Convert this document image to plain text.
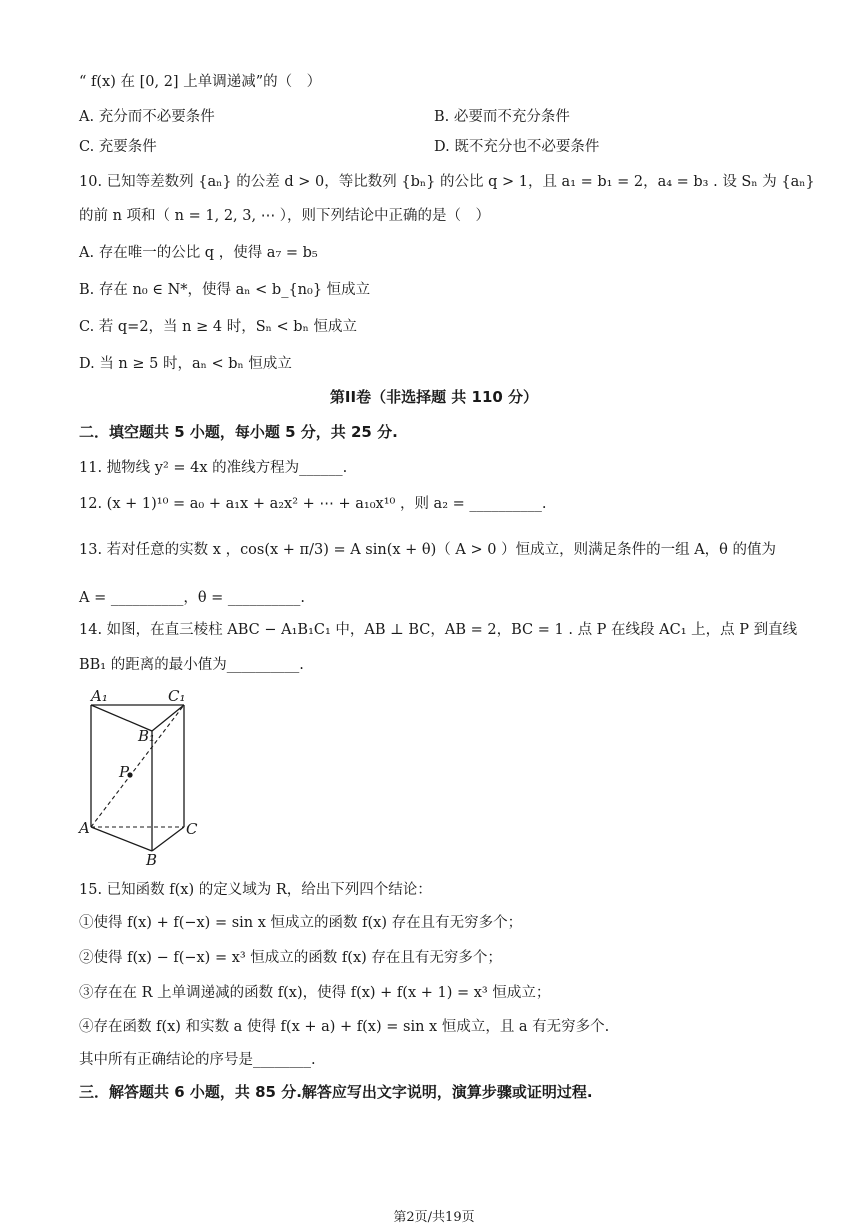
“ f(x) 在 [0, 2] 上单调递减”的（　）
A. 充分而不必要条件	B. 必要而不充分条件
C. 充要条件	D. 既不充分也不必要条件
10. 已知等差数列 {aₙ} 的公差 d > 0，等比数列 {bₙ} 的公比 q > 1，且 a₁ = b₁ = 2，a₄ = b₃ . 设 Sₙ 为 {aₙ}
的前 n 项和（ n = 1, 2, 3, ⋯ ），则下列结论中正确的是（　）
A. 存在唯一的公比 q ，使得 a₇ = b₅
B. 存在 n₀ ∈ N*，使得 aₙ < b_{n₀} 恒成立
C. 若 q=2，当 n ≥ 4 时，Sₙ < bₙ 恒成立
D. 当 n ≥ 5 时，aₙ < bₙ 恒成立
第II卷（非选择题 共 110 分）
二．填空题共 5 小题，每小题 5 分，共 25 分.
11. 抛物线 y² = 4x 的准线方程为______.
12. (x + 1)¹⁰ = a₀ + a₁x + a₂x² + ⋯ + a₁₀x¹⁰ ，则 a₂ = __________.
13. 若对任意的实数 x ，cos(x + π/3) = A sin(x + θ)（ A > 0 ）恒成立，则满足条件的一组 A，θ 的值为
A = __________，θ = __________.
14. 如图，在直三棱柱 ABC − A₁B₁C₁ 中，AB ⊥ BC，AB = 2，BC = 1 . 点 P 在线段 AC₁ 上，点 P 到直线
BB₁ 的距离的最小值为__________.
A₁	C₁
B₁
P
A	C
B
15. 已知函数 f(x) 的定义域为 R，给出下列四个结论：
①使得 f(x) + f(−x) = sin x 恒成立的函数 f(x) 存在且有无穷多个；
②使得 f(x) − f(−x) = x³ 恒成立的函数 f(x) 存在且有无穷多个；
③存在在 R 上单调递减的函数 f(x)，使得 f(x) + f(x + 1) = x³ 恒成立；
④存在函数 f(x) 和实数 a 使得 f(x + a) + f(x) = sin x 恒成立，且 a 有无穷多个.
其中所有正确结论的序号是________.
三．解答题共 6 小题，共 85 分.解答应写出文字说明，演算步骤或证明过程.
第2页/共19页
